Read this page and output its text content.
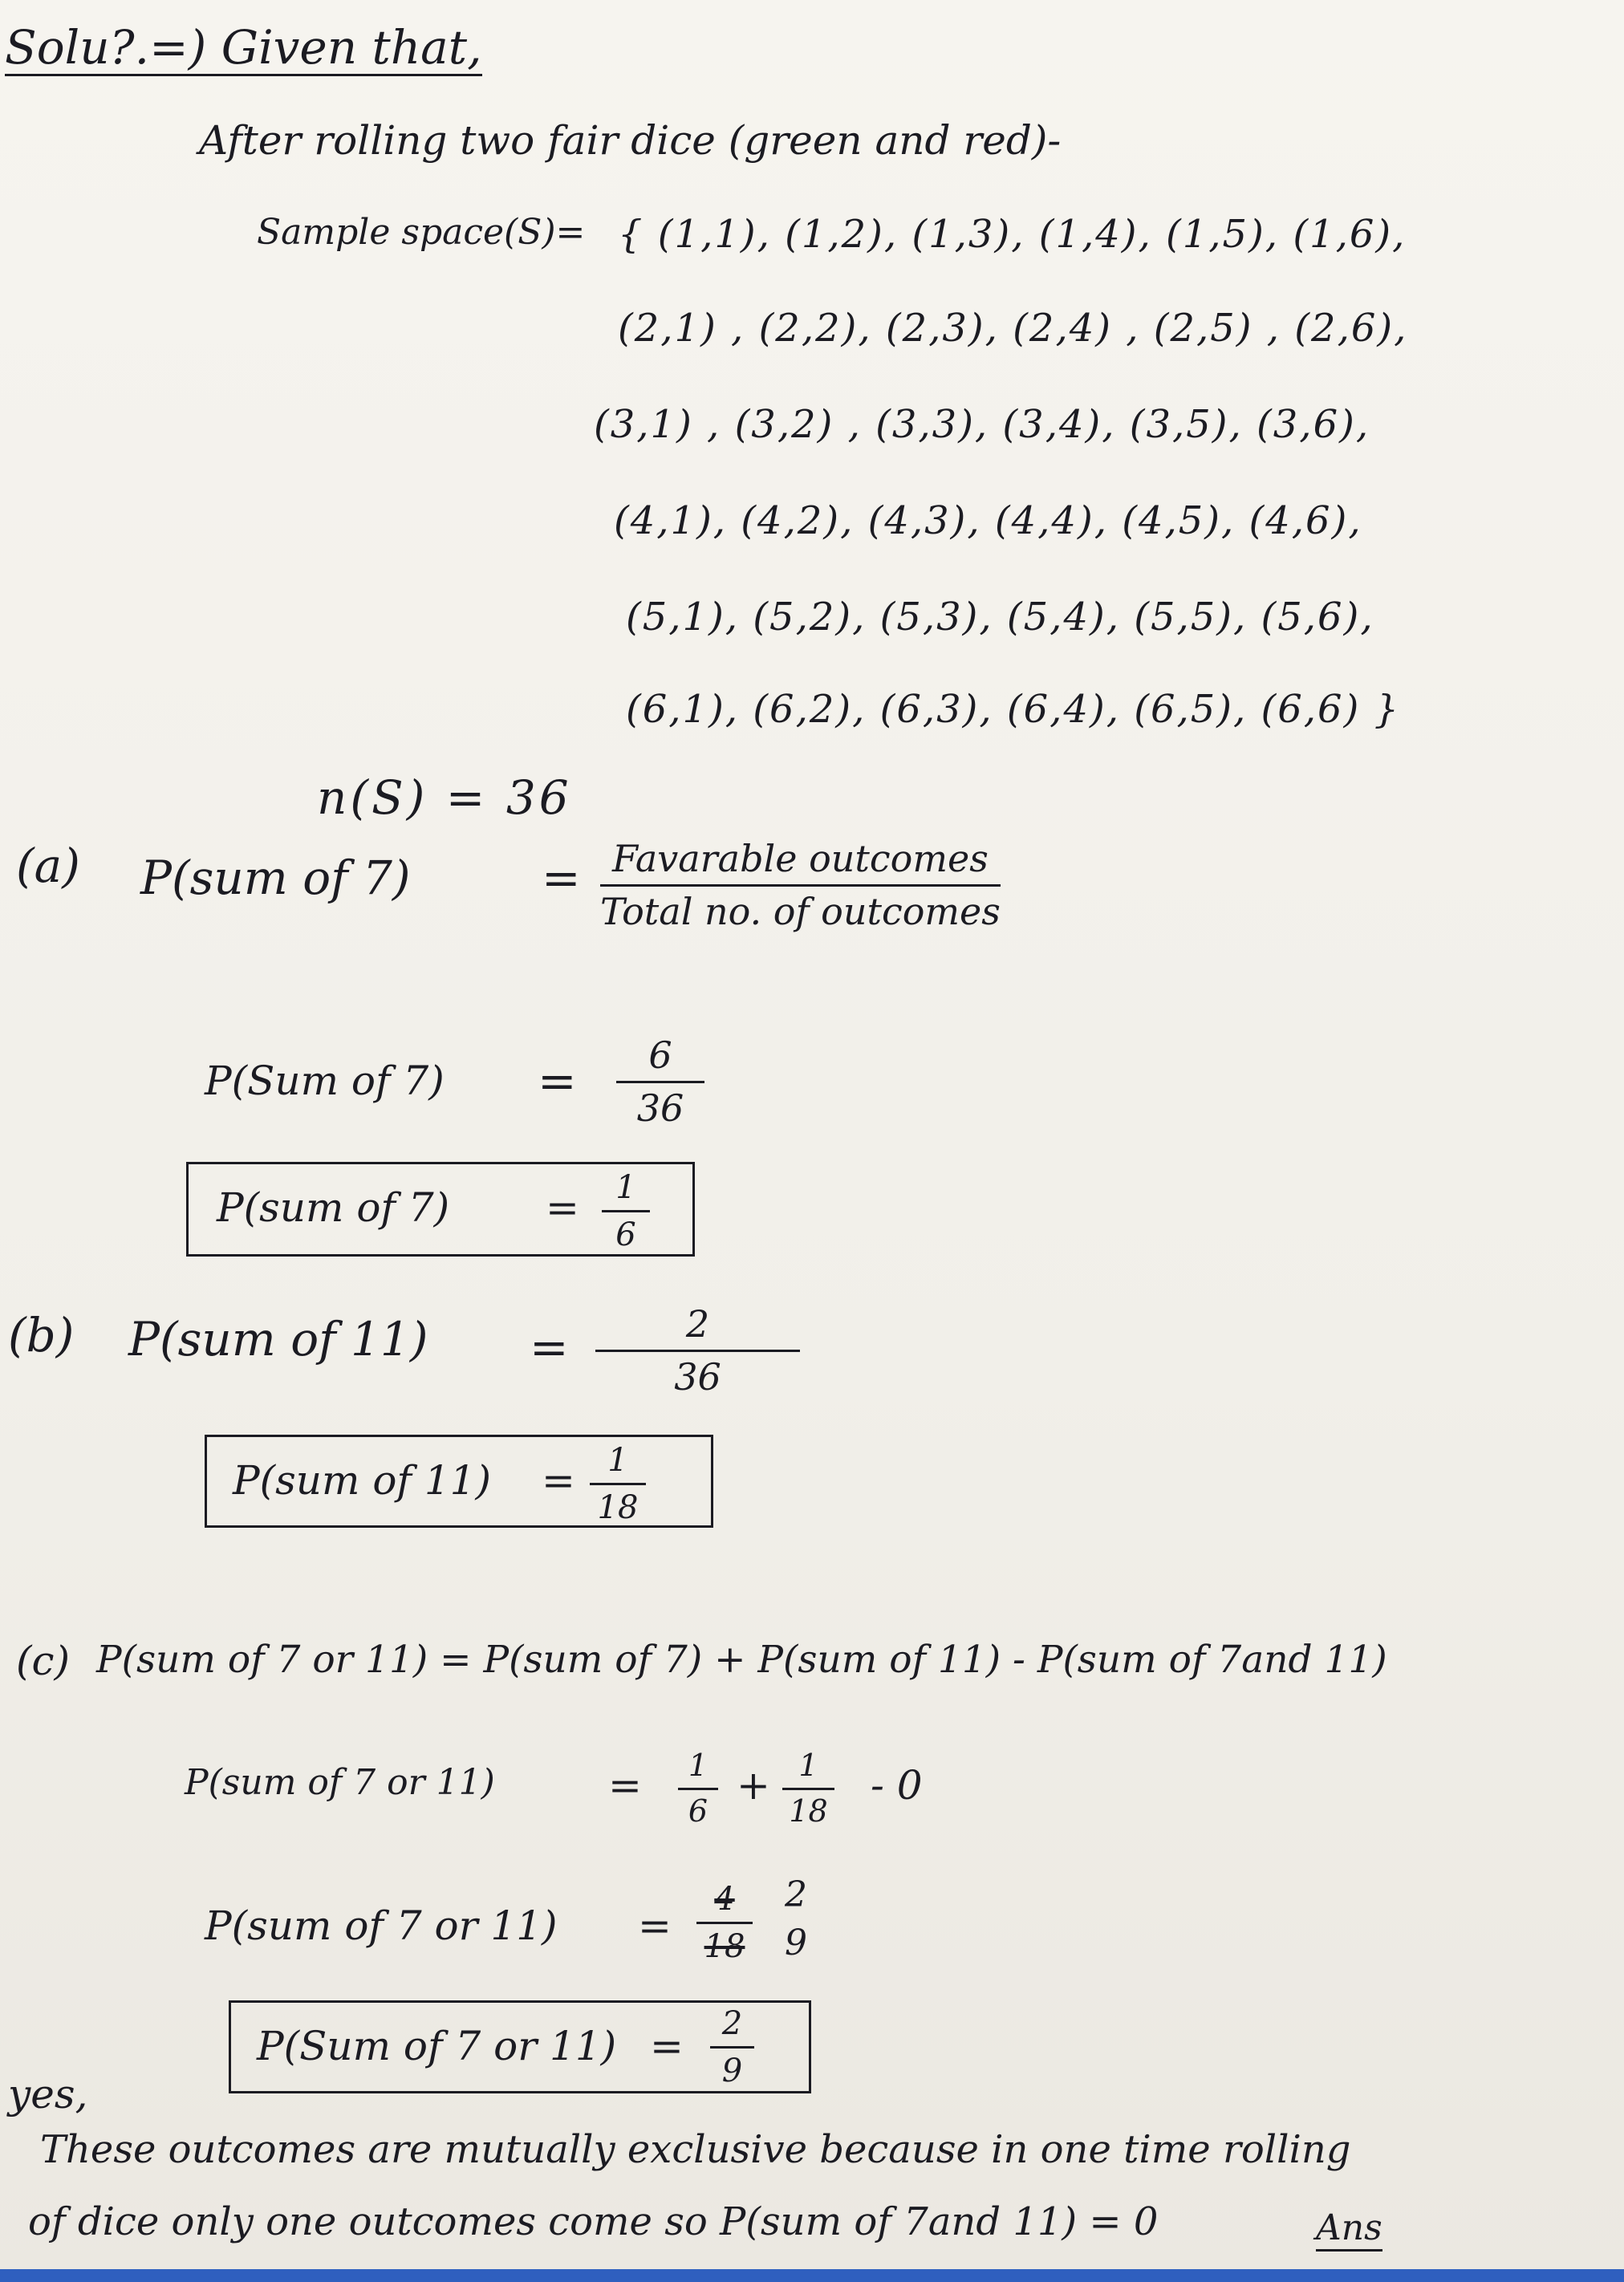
Solu?.=) Given that,
After rolling two fair dice (green and red)-
Sample space(S)= { (1,1), (1,2), (1,3), (1,4), (1,5), (1,6),
(2,1) , (2,2), (2,3), (2,4) , (2,5) , (2,6),
(3,1) , (3,2) , (3,3), (3,4), (3,5), (3,6),
(4,1), (4,2), (4,3), (4,4), (4,5), (4,6),
(5,1), (5,2), (5,3), (5,4), (5,5), (5,6),
(6,1), (6,2), (6,3), (6,4), (6,5), (6,6) }
n(S) = 36
(a) P(sum of 7)	= Favarable outcomes
Total no. of outcomes
P(Sum of 7) =	6
36
P(sum of 7) =	1
6
(b) P(sum of 11) =	2
36
P(sum of 11) =	1
18
(c) P(sum of 7 or 11) = P(sum of 7) + P(sum of 11) - P(sum of 7and 11)
P(sum of 7 or 11)	=	1
6
+ 1
18
- 0
P(sum of 7 or 11) =
4
18
2
9
P(Sum of 7 or 11) =	2
9
yes,
These outcomes are mutually exclusive because in one time rolling
of dice only one outcomes come so P(sum of 7and 11) = 0	Ans
